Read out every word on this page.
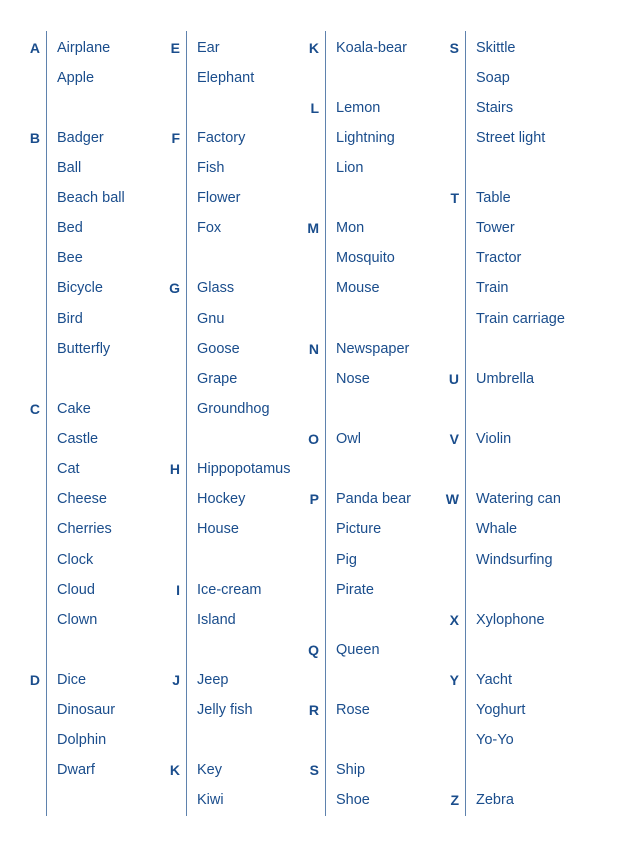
A Airplane
Apple
B Badger
Ball
Beach ball
Bed
Bee
Bicycle
Bird
Butterfly
C Cake
Castle
Cat
Cheese
Cherries
Clock
Cloud
Clown
D Dice
Dinosaur
Dolphin
Dwarf
E Ear
Elephant
F Factory
Fish
Flower
Fox
G Glass
Gnu
Goose
Grape
Groundhog
H Hippopotamus
Hockey
House
I Ice-cream
Island
J Jeep
Jelly fish
K Key
Kiwi
K Koala-bear
L Lemon
Lightning
Lion
M Mon
Mosquito
Mouse
N Newspaper
Nose
O Owl
P Panda bear
Picture
Pig
Pirate
Q Queen
R Rose
S Ship
Shoe
S Skittle
Soap
Stairs
Street light
T Table
Tower
Tractor
Train
Train carriage
U Umbrella
V Violin
W Watering can
Whale
Windsurfing
X Xylophone
Y Yacht
Yoghurt
Yo-Yo
Z Zebra
